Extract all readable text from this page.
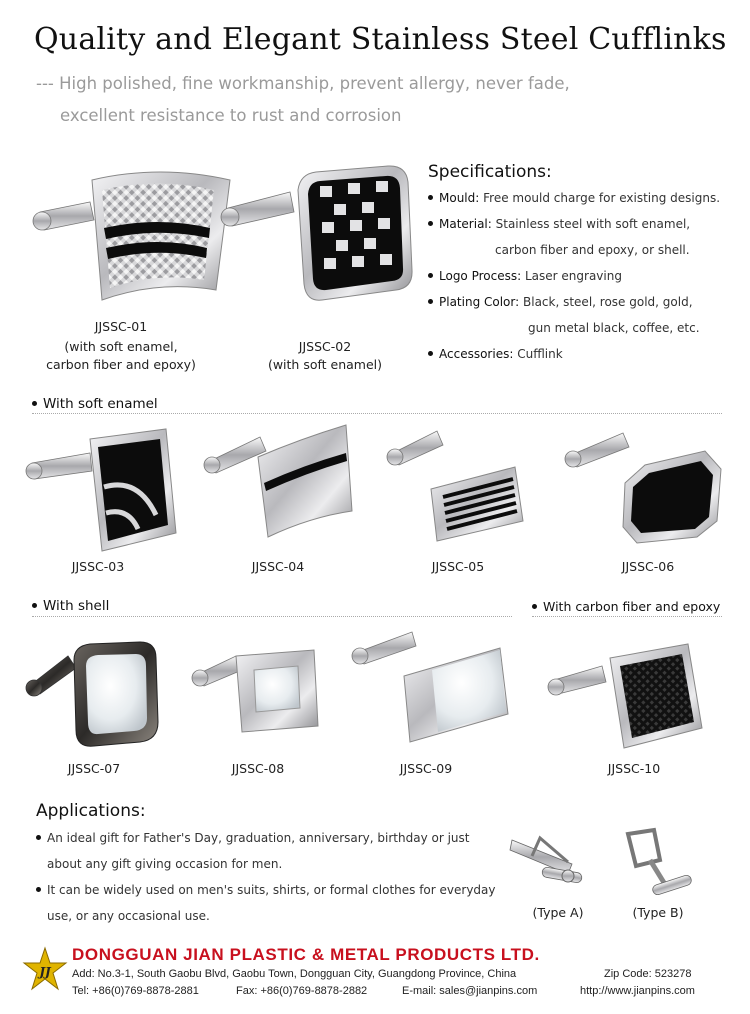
Quality and Elegant Stainless Steel Cufflinks
--- High polished, fine workmanship, prevent allergy, never fade,
excellent resistance to rust and corrosion
JJSSC-01
(with soft enamel,
carbon fiber and epoxy)
JJSSC-02
(with soft enamel)
Specifications:
Mould: Free mould charge for existing designs.
Material: Stainless steel with soft enamel,
carbon fiber and epoxy, or shell.
Logo Process: Laser engraving
Plating Color: Black, steel, rose gold, gold,
gun metal black, coffee, etc.
Accessories: Cufflink
With soft enamel
JJSSC-03	JJSSC-04	JJSSC-05	JJSSC-06
With shell	With carbon fiber and epoxy
JJSSC-07	JJSSC-08	JJSSC-09	JJSSC-10
Applications:
An ideal gift for Father's Day, graduation, anniversary, birthday or just
about any gift giving occasion for men.
It can be widely used on men's suits, shirts, or formal clothes for everyday
use, or any occasional use.	(Type A)	(Type B)
JJ
DONGGUAN JIAN PLASTIC & METAL PRODUCTS LTD.
Add: No.3-1, South Gaobu Blvd, Gaobu Town, Dongguan City, Guangdong Province, China	Zip Code: 523278
Tel: +86(0)769-8878-2881	Fax: +86(0)769-8878-2882	E-mail: sales@jianpins.com	http://www.jianpins.com
